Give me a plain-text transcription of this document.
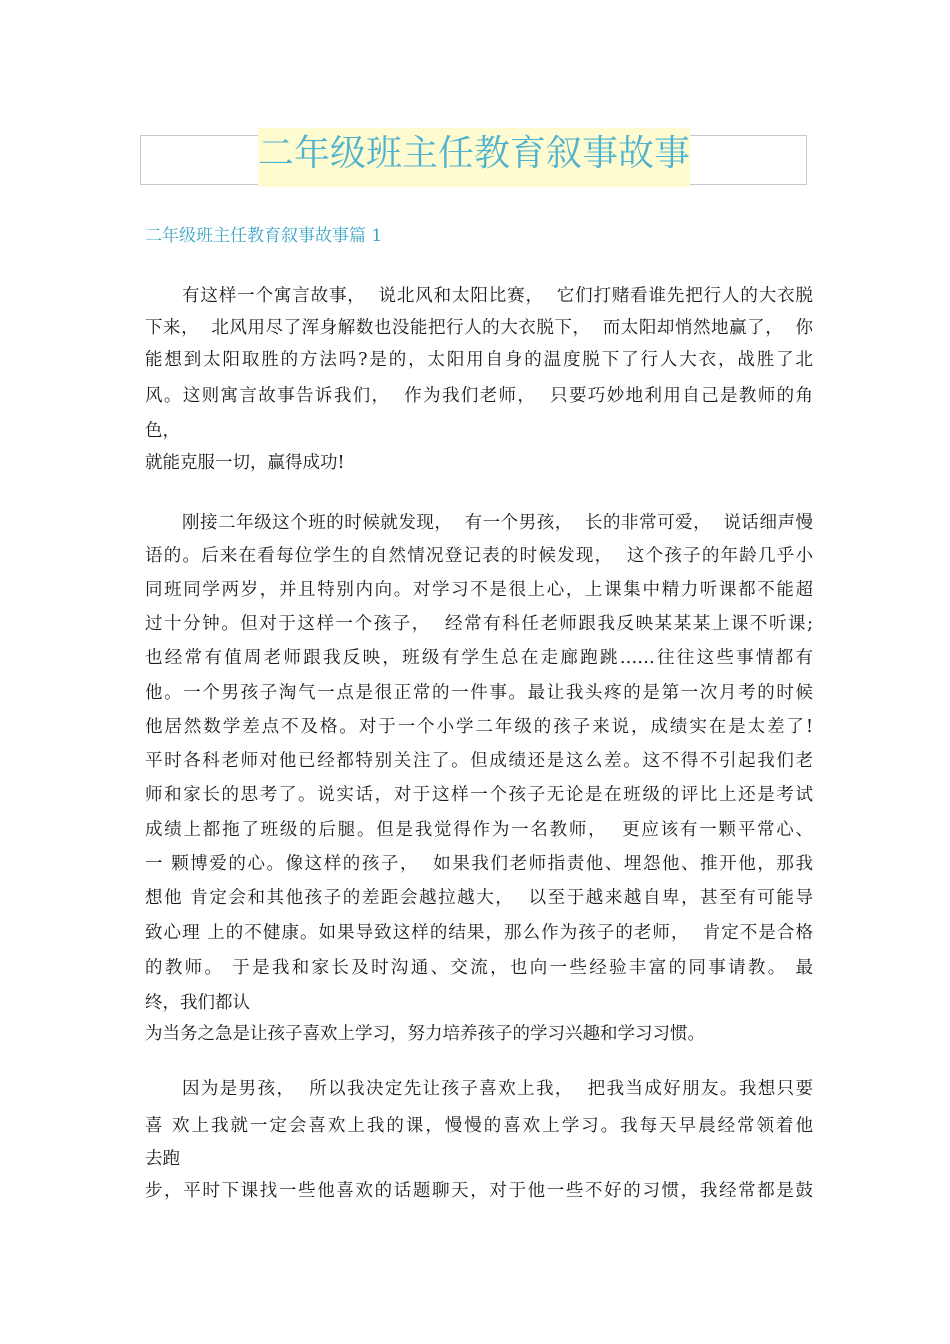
二年级班主任教育叙事故事
二年级班主任教育叙事故事篇 1

有这样一个寓言故事，  说北风和太阳比赛，  它们打赌看谁先把行人的大衣脱

下来，  北风用尽了浑身解数也没能把行人的大衣脱下，  而太阳却悄然地赢了，  你

能想到太阳取胜的方法吗?是的，太阳用自身的温度脱下了行人大衣，战胜了北

风。这则寓言故事告诉我们，  作为我们老师，  只要巧妙地利用自己是教师的角

色，

就能克服一切，赢得成功!

刚接二年级这个班的时候就发现，  有一个男孩，  长的非常可爱，  说话细声慢

语的。后来在看每位学生的自然情况登记表的时候发现，  这个孩子的年龄几乎小

同班同学两岁，并且特别内向。对学习不是很上心，上课集中精力听课都不能超

过十分钟。但对于这样一个孩子，  经常有科任老师跟我反映某某某上课不听课;

也经常有值周老师跟我反映，班级有学生总在走廊跑跳……往往这些事情都有

他。一个男孩子淘气一点是很正常的一件事。最让我头疼的是第一次月考的时候

他居然数学差点不及格。对于一个小学二年级的孩子来说，成绩实在是太差了!

平时各科老师对他已经都特别关注了。但成绩还是这么差。这不得不引起我们老

师和家长的思考了。说实话，对于这样一个孩子无论是在班级的评比上还是考试

成绩上都拖了班级的后腿。但是我觉得作为一名教师，  更应该有一颗平常心、

一 颗博爱的心。像这样的孩子，  如果我们老师指责他、埋怨他、推开他，那我

想他 肯定会和其他孩子的差距会越拉越大，  以至于越来越自卑，甚至有可能导

致心理 上的不健康。如果导致这样的结果，那么作为孩子的老师，  肯定不是合格

的教师。 于是我和家长及时沟通、交流，也向一些经验丰富的同事请教。 最

终，我们都认

为当务之急是让孩子喜欢上学习，努力培养孩子的学习兴趣和学习习惯。

因为是男孩，  所以我决定先让孩子喜欢上我，  把我当成好朋友。我想只要

喜 欢上我就一定会喜欢上我的课，慢慢的喜欢上学习。我每天早晨经常领着他

去跑

步，平时下课找一些他喜欢的话题聊天，对于他一些不好的习惯，我经常都是鼓
